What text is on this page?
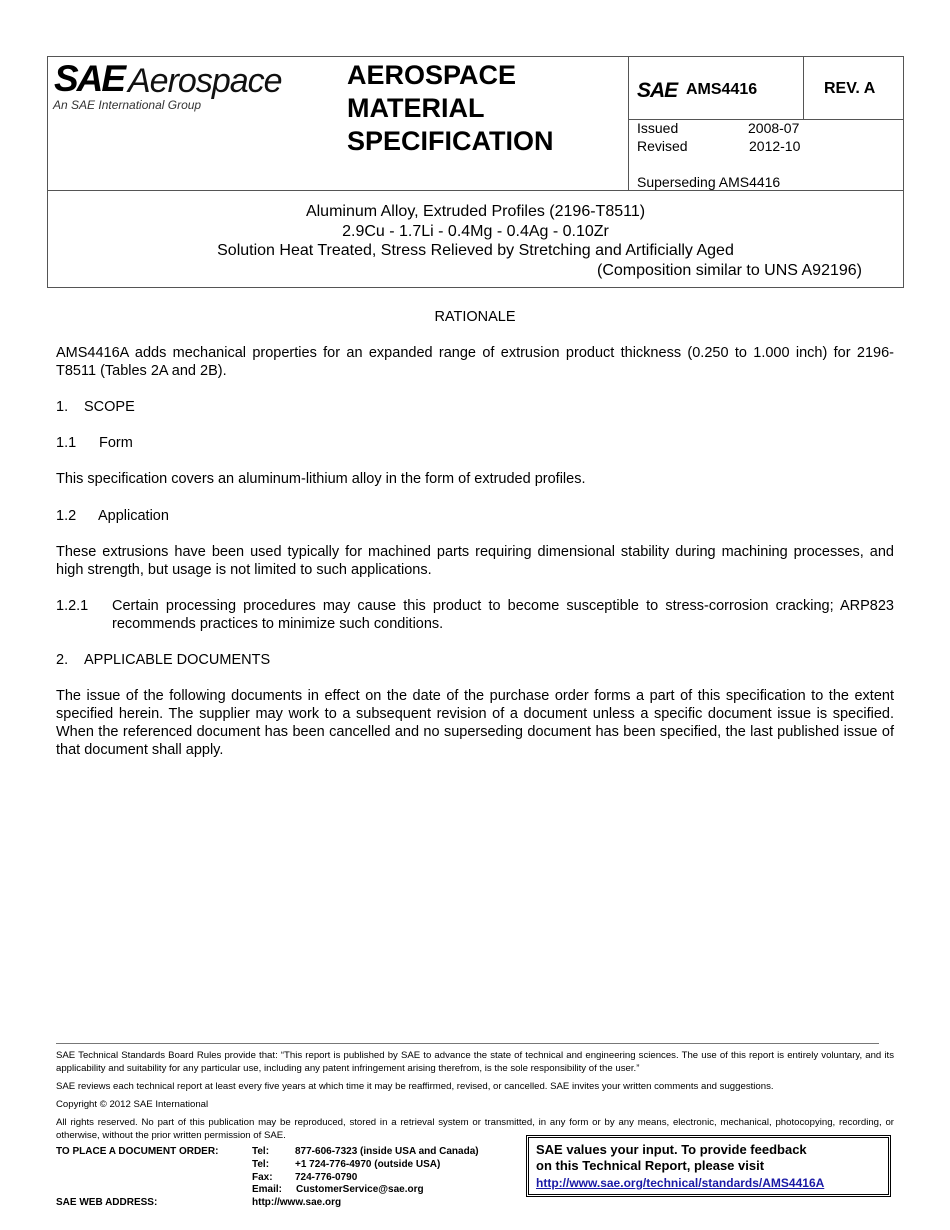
SAE Aerospace
An SAE International Group
AEROSPACE
MATERIAL
SPECIFICATION
SAE AMS4416	REV. A
Issued	2008-07
Revised	2012-10
Superseding AMS4416
Aluminum Alloy, Extruded Profiles (2196-T8511)
2.9Cu - 1.7Li - 0.4Mg - 0.4Ag - 0.10Zr
Solution Heat Treated, Stress Relieved by Stretching and Artificially Aged
(Composition similar to UNS A92196)
RATIONALE
AMS4416A adds mechanical properties for an expanded range of extrusion product thickness (0.250 to 1.000 inch) for 2196-T8511 (Tables 2A and 2B).
1. SCOPE
1.1 Form
This specification covers an aluminum-lithium alloy in the form of extruded profiles.
1.2 Application
These extrusions have been used typically for machined parts requiring dimensional stability during machining processes, and high strength, but usage is not limited to such applications.
1.2.1 Certain processing procedures may cause this product to become susceptible to stress-corrosion cracking; ARP823 recommends practices to minimize such conditions.
2. APPLICABLE DOCUMENTS
The issue of the following documents in effect on the date of the purchase order forms a part of this specification to the extent specified herein. The supplier may work to a subsequent revision of a document unless a specific document issue is specified. When the referenced document has been cancelled and no superseding document has been specified, the last published issue of that document shall apply.
SAE Technical Standards Board Rules provide that: “This report is published by SAE to advance the state of technical and engineering sciences. The use of this report is entirely voluntary, and its applicability and suitability for any particular use, including any patent infringement arising therefrom, is the sole responsibility of the user.”
SAE reviews each technical report at least every five years at which time it may be reaffirmed, revised, or cancelled. SAE invites your written comments and suggestions.
Copyright © 2012 SAE International
All rights reserved. No part of this publication may be reproduced, stored in a retrieval system or transmitted, in any form or by any means, electronic, mechanical, photocopying, recording, or otherwise, without the prior written permission of SAE.
TO PLACE A DOCUMENT ORDER:	Tel:	877-606-7323 (inside USA and Canada)
Tel:	+1 724-776-4970 (outside USA)
Fax: 724-776-0790
Email: CustomerService@sae.org
SAE WEB ADDRESS:	http://www.sae.org
SAE values your input. To provide feedback
on this Technical Report, please visit
http://www.sae.org/technical/standards/AMS4416A
